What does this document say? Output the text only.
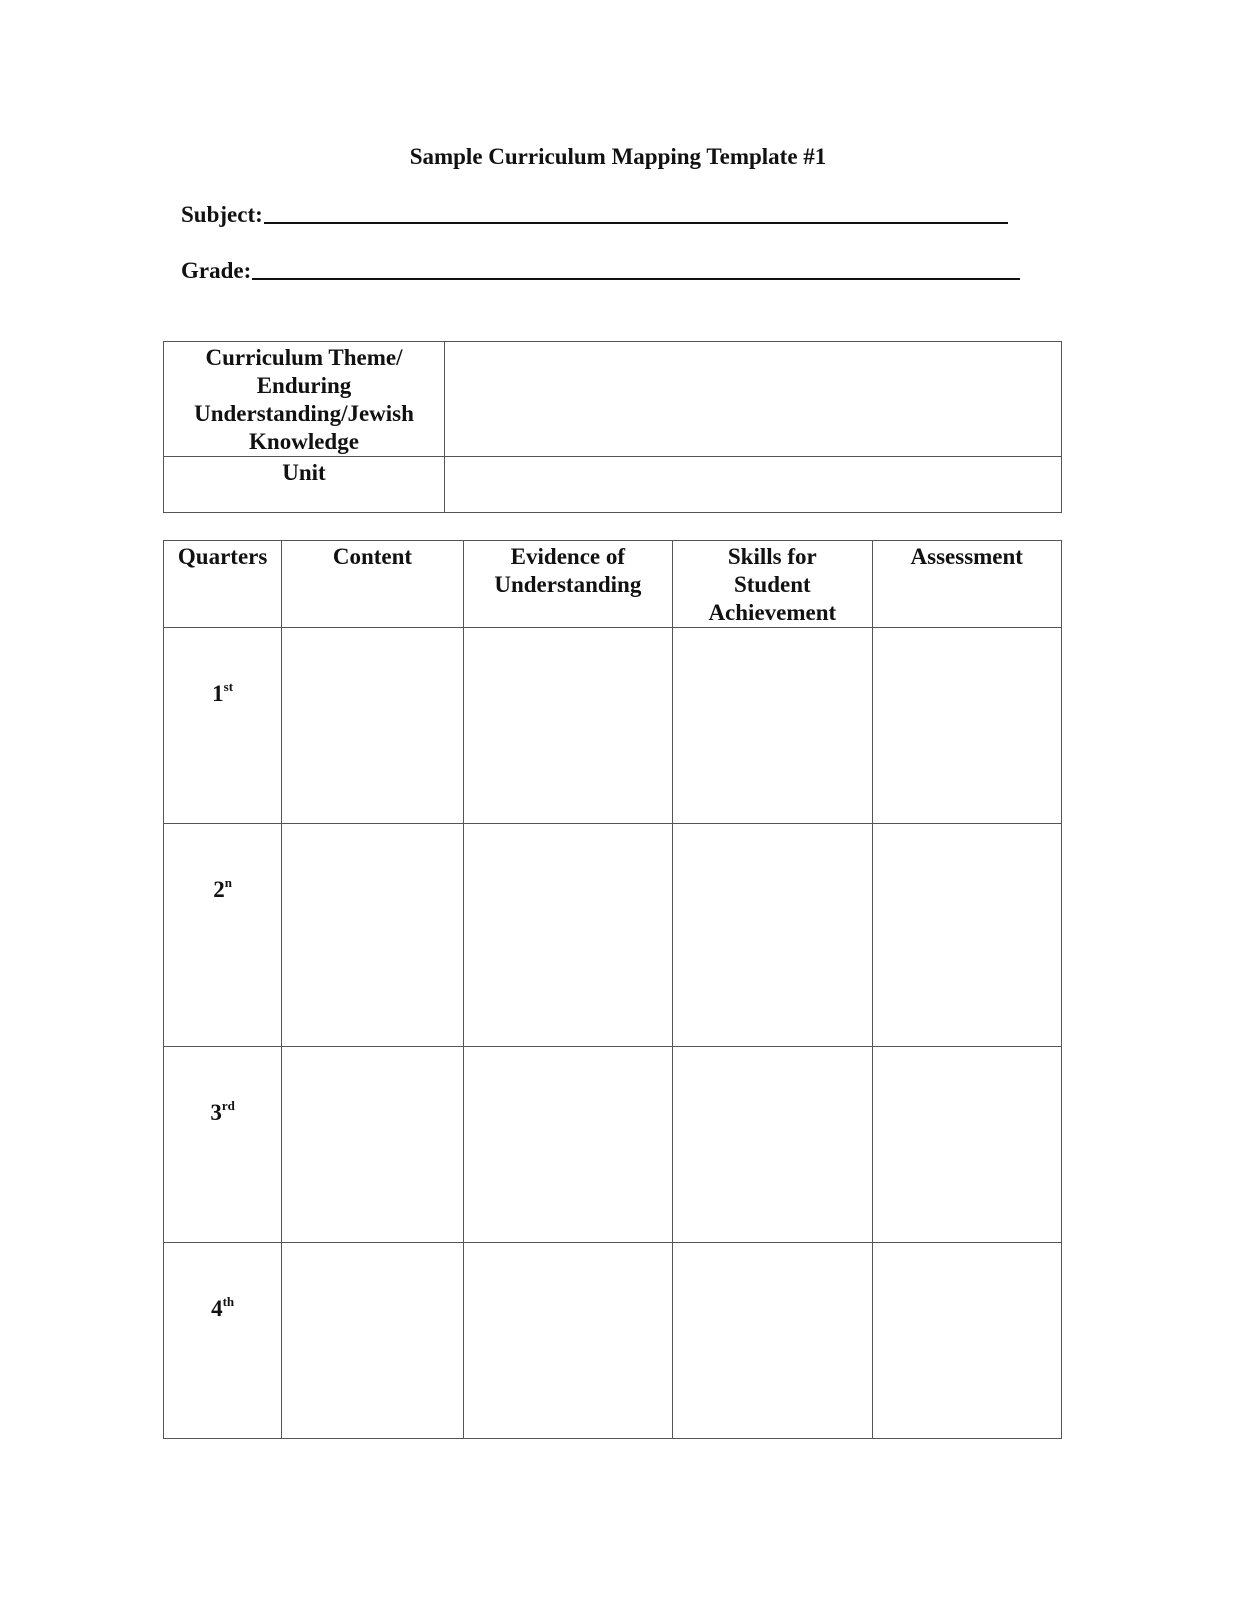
Sample Curriculum Mapping Template #1
Subject:
Grade:
Curriculum Theme/ Enduring Understanding/Jewish Knowledge	

Unit	

Quarters	Content	Evidence of Understanding	Skills for Student Achievement	Assessment
1st				
2$^n$				
3rd				
4th				
